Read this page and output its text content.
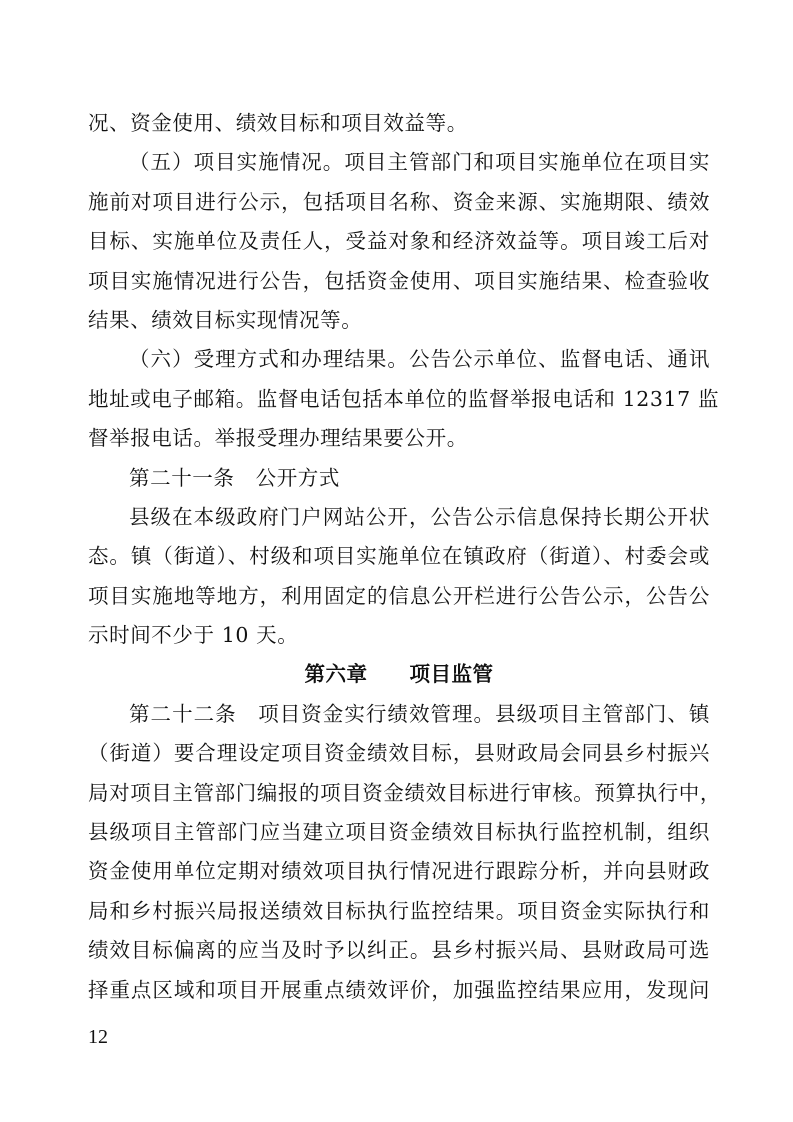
况、资金使用、绩效目标和项目效益等。
（五）项目实施情况。项目主管部门和项目实施单位在项目实
施前对项目进行公示，包括项目名称、资金来源、实施期限、绩效
目标、实施单位及责任人，受益对象和经济效益等。项目竣工后对
项目实施情况进行公告，包括资金使用、项目实施结果、检查验收
结果、绩效目标实现情况等。
（六）受理方式和办理结果。公告公示单位、监督电话、通讯
地址或电子邮箱。监督电话包括本单位的监督举报电话和 12317 监
督举报电话。举报受理办理结果要公开。
第二十一条　公开方式
县级在本级政府门户网站公开，公告公示信息保持长期公开状
态。镇（街道）、村级和项目实施单位在镇政府（街道）、村委会或
项目实施地等地方，利用固定的信息公开栏进行公告公示，公告公
示时间不少于 10 天。
第六章　　项目监管
第二十二条　项目资金实行绩效管理。县级项目主管部门、镇
（街道）要合理设定项目资金绩效目标，县财政局会同县乡村振兴
局对项目主管部门编报的项目资金绩效目标进行审核。预算执行中，
县级项目主管部门应当建立项目资金绩效目标执行监控机制，组织
资金使用单位定期对绩效项目执行情况进行跟踪分析，并向县财政
局和乡村振兴局报送绩效目标执行监控结果。项目资金实际执行和
绩效目标偏离的应当及时予以纠正。县乡村振兴局、县财政局可选
择重点区域和项目开展重点绩效评价，加强监控结果应用，发现问
12
